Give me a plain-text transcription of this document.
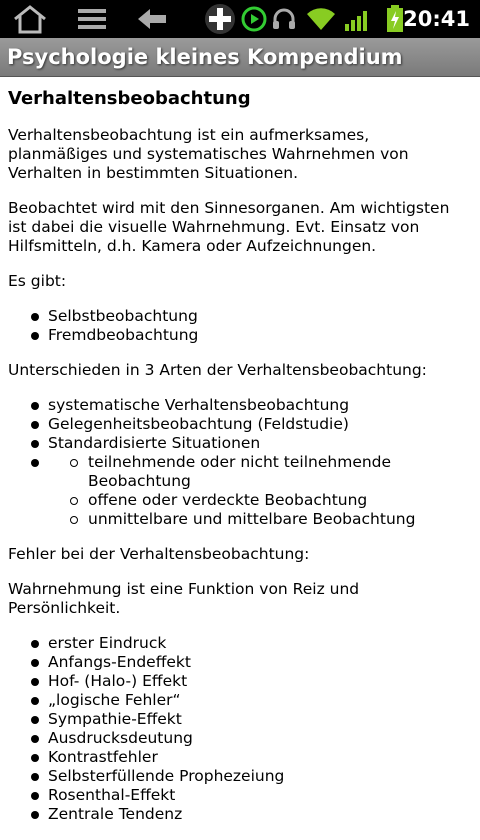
20:41
Psychologie kleines Kompendium
Verhaltensbeobachtung

Verhaltensbeobachtung ist ein aufmerksames, planmäßiges und systematisches Wahrnehmen von Verhalten in bestimmten Situationen.

Beobachtet wird mit den Sinnesorganen. Am wichtigsten ist dabei die visuelle Wahrnehmung. Evt. Einsatz von Hilfsmitteln, d.h. Kamera oder Aufzeichnungen.

Es gibt:

Selbstbeobachtung
Fremdbeobachtung

Unterschieden in 3 Arten der Verhaltensbeobachtung:

systematische Verhaltensbeobachtung
Gelegenheitsbeobachtung (Feldstudie)
Standardisierte Situationen
teilnehmende oder nicht teilnehmende Beobachtung
offene oder verdeckte Beobachtung
unmittelbare und mittelbare Beobachtung

Fehler bei der Verhaltensbeobachtung:

Wahrnehmung ist eine Funktion von Reiz und Persönlichkeit.

erster Eindruck
Anfangs-Endeffekt
Hof- (Halo-) Effekt
„logische Fehler“
Sympathie-Effekt
Ausdrucksdeutung
Kontrastfehler
Selbsterfüllende Prophezeiung
Rosenthal-Effekt
Zentrale Tendenz
